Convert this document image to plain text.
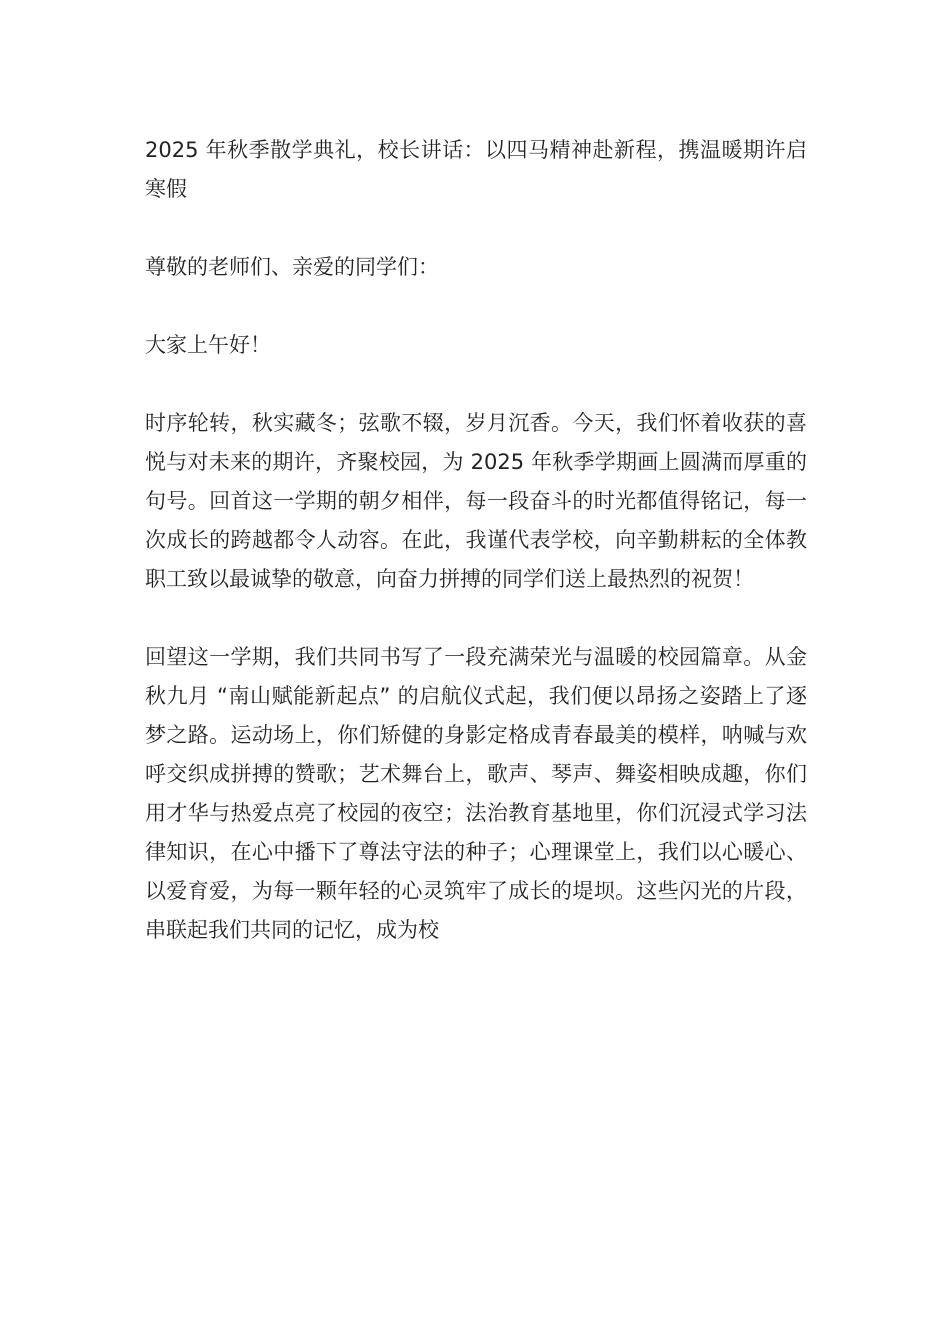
2025 年秋季散学典礼，校长讲话：以四马精神赴新程，携温暖期许启寒假

尊敬的老师们、亲爱的同学们：

大家上午好！

时序轮转，秋实藏冬；弦歌不辍，岁月沉香。今天，我们怀着收获的喜悦与对未来的期许，齐聚校园，为 2025 年秋季学期画上圆满而厚重的句号。回首这一学期的朝夕相伴，每一段奋斗的时光都值得铭记，每一次成长的跨越都令人动容。在此，我谨代表学校，向辛勤耕耘的全体教职工致以最诚挚的敬意，向奋力拼搏的同学们送上最热烈的祝贺！

回望这一学期，我们共同书写了一段充满荣光与温暖的校园篇章。从金秋九月 “南山赋能新起点” 的启航仪式起，我们便以昂扬之姿踏上了逐梦之路。运动场上，你们矫健的身影定格成青春最美的模样，呐喊与欢呼交织成拼搏的赞歌；艺术舞台上，歌声、琴声、舞姿相映成趣，你们用才华与热爱点亮了校园的夜空；法治教育基地里，你们沉浸式学习法律知识，在心中播下了尊法守法的种子；心理课堂上，我们以心暖心、以爱育爱，为每一颗年轻的心灵筑牢了成长的堤坝。这些闪光的片段，串联起我们共同的记忆，成为校
